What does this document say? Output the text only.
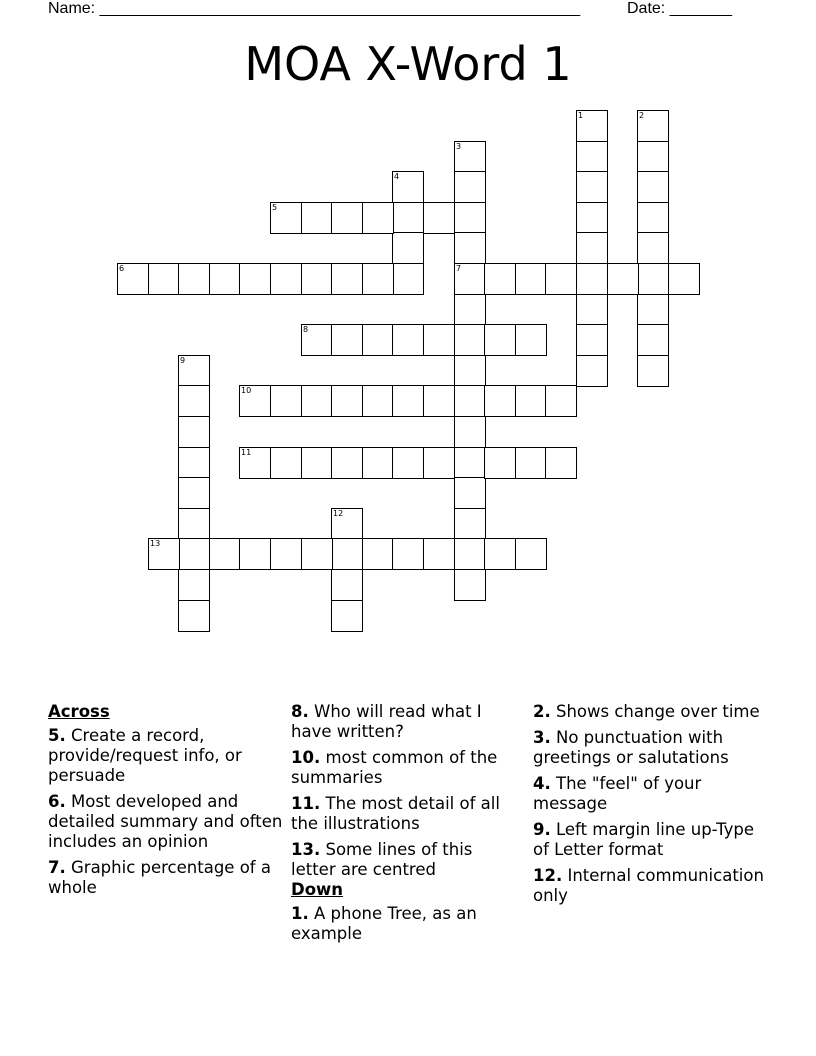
Name: ______________________________________________________	Date: _______
MOA X-Word 1
1	2
3
7
4
5
6
8
9
10
11
12
13
Across
5. Create a record, provide/request info, or persuade
6. Most developed and detailed summary and often includes an opinion
7. Graphic percentage of a whole
8. Who will read what I have written?
10. most common of the summaries
11. The most detail of all the illustrations
13. Some lines of this letter are centred
Down
1. A phone Tree, as an example
2. Shows change over time
3. No punctuation with greetings or salutations
4. The "feel" of your message
9. Left margin line up-Type of Letter format
12. Internal communication only
